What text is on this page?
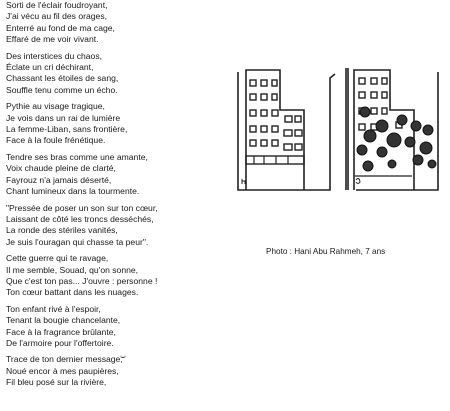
Sorti de l'éclair foudroyant,
J'ai vécu au fil des orages,
Enterré au fond de ma cage,
Effaré de me voir vivant.
Des interstices du chaos,
Éclate un cri déchirant,
Chassant les étoiles de sang,
Souffle tenu comme un écho.
Pythie au visage tragique,
Je vois dans un rai de lumière
La femme-Liban, sans frontière,
Face à la foule frénétique.
Tendre ses bras comme une amante,
Voix chaude pleine de clarté,
Fayrouz n'a jamais déserté,
Chant lumineux dans la tourmente.
"Pressée de poser un son sur ton cœur,
Laissant de côté les troncs desséchés,
La ronde des stériles vanités,
Je suis l'ouragan qui chasse ta peur".
Cette guerre qui te ravage,
Il me semble, Souad, qu'on sonne,
Que c'est ton pas... J'ouvre : personne !
Ton cœur battant dans les nuages.
Ton enfant rivé à l'espoir,
Tenant la bougie chancelante,
Face à la fragrance brûlante,
De l'armoire pour l'offertoire.
Trace de ton dernier message,
Noué encor à mes paupières,
Fil bleu posé sur la rivière,
Photo : Hani Abu Rahmeh, 7 ans
